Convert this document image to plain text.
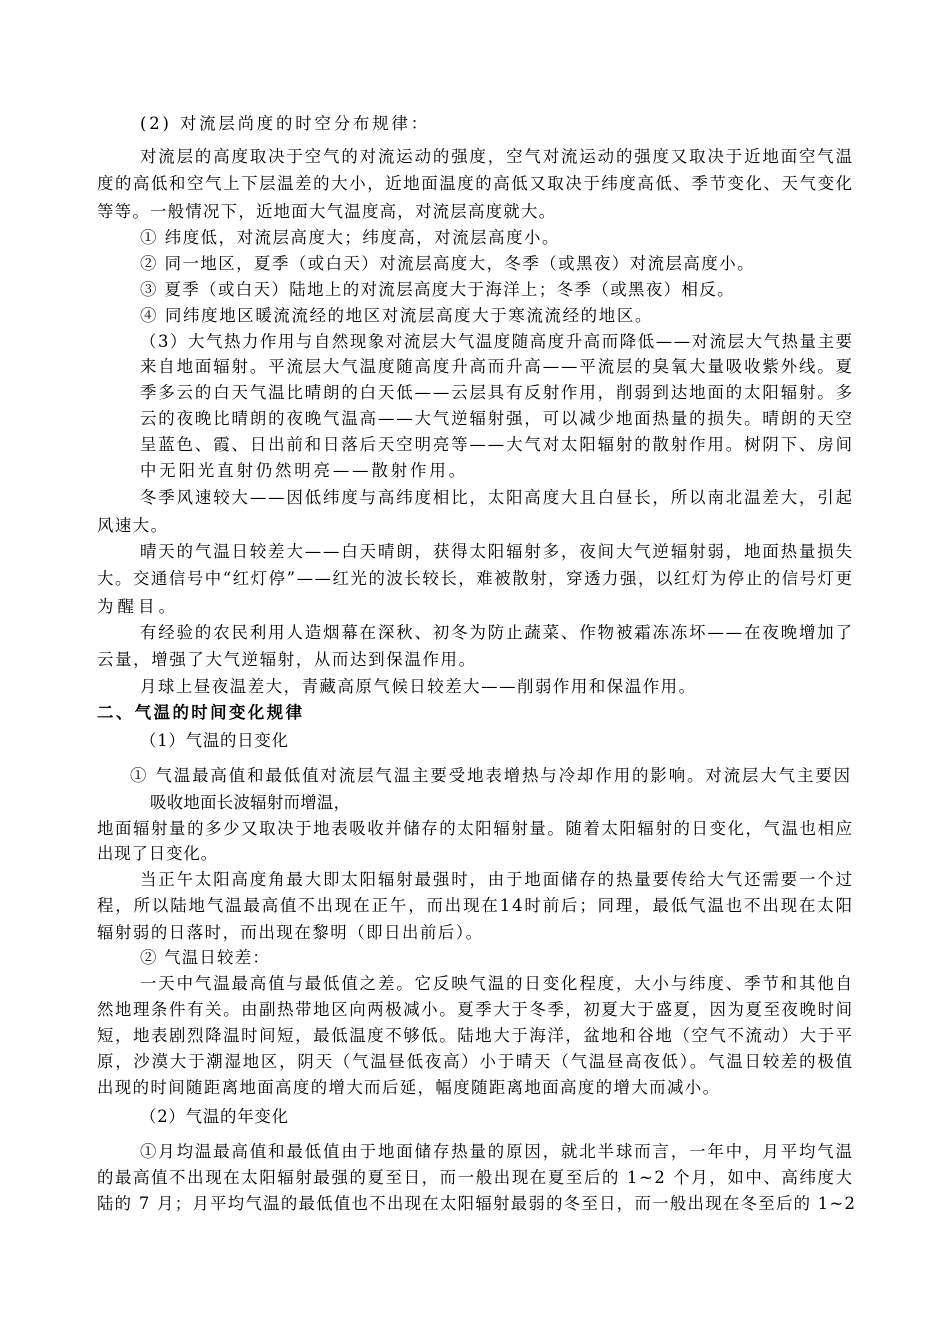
(2) 对流层尚度的时空分布规律：
对流层的高度取决于空气的对流运动的强度，空气对流运动的强度又取决于近地面空气温
度的高低和空气上下层温差的大小，近地面温度的高低又取决于纬度高低、季节变化、天气变化
等等。一般情况下，近地面大气温度高，对流层高度就大。
① 纬度低，对流层高度大；纬度高，对流层高度小。
② 同一地区，夏季（或白天）对流层高度大，冬季（或黑夜）对流层高度小。
③ 夏季（或白天）陆地上的对流层高度大于海洋上；冬季（或黑夜）相反。
④ 同纬度地区暖流流经的地区对流层高度大于寒流流经的地区。
（3）大气热力作用与自然现象对流层大气温度随高度升高而降低——对流层大气热量主要
来自地面辐射。平流层大气温度随高度升高而升高——平流层的臭氧大量吸收紫外线。夏
季多云的白天气温比晴朗的白天低——云层具有反射作用，削弱到达地面的太阳辐射。多
云的夜晚比晴朗的夜晚气温高——大气逆辐射强，可以减少地面热量的损失。晴朗的天空
呈蓝色、霞、日出前和日落后天空明亮等——大气对太阳辐射的散射作用。树阴下、房间
中无阳光直射仍然明亮——散射作用。
冬季风速较大——因低纬度与高纬度相比，太阳高度大且白昼长，所以南北温差大，引起
风速大。
晴天的气温日较差大——白天晴朗，获得太阳辐射多，夜间大气逆辐射弱，地面热量损失
大。交通信号中“红灯停”——红光的波长较长，难被散射，穿透力强，以红灯为停止的信号灯更
为醒目。
有经验的农民利用人造烟幕在深秋、初冬为防止蔬菜、作物被霜冻冻坏——在夜晚增加了
云量，增强了大气逆辐射，从而达到保温作用。
月球上昼夜温差大，青藏高原气候日较差大——削弱作用和保温作用。
二、气温的时间变化规律
（1）气温的日变化
① 气温最高值和最低值对流层气温主要受地表增热与冷却作用的影响。对流层大气主要因
吸收地面长波辐射而增温，
地面辐射量的多少又取决于地表吸收并储存的太阳辐射量。随着太阳辐射的日变化，气温也相应
出现了日变化。
当正午太阳高度角最大即太阳辐射最强时，由于地面储存的热量要传给大气还需要一个过
程，所以陆地气温最高值不出现在正午，而出现在14时前后；同理，最低气温也不出现在太阳
辐射弱的日落时，而出现在黎明（即日出前后）。
② 气温日较差：
一天中气温最高值与最低值之差。它反映气温的日变化程度，大小与纬度、季节和其他自
然地理条件有关。由副热带地区向两极减小。夏季大于冬季，初夏大于盛夏，因为夏至夜晚时间
短，地表剧烈降温时间短，最低温度不够低。陆地大于海洋，盆地和谷地（空气不流动）大于平
原，沙漠大于潮湿地区，阴天（气温昼低夜高）小于晴天（气温昼高夜低）。气温日较差的极值
出现的时间随距离地面高度的增大而后延，幅度随距离地面高度的增大而减小。
（2）气温的年变化
①月均温最高值和最低值由于地面储存热量的原因，就北半球而言，一年中，月平均气温
的最高值不出现在太阳辐射最强的夏至日，而一般出现在夏至后的 1~2 个月，如中、高纬度大
陆的 7 月；月平均气温的最低值也不出现在太阳辐射最弱的冬至日，而一般出现在冬至后的 1~2
